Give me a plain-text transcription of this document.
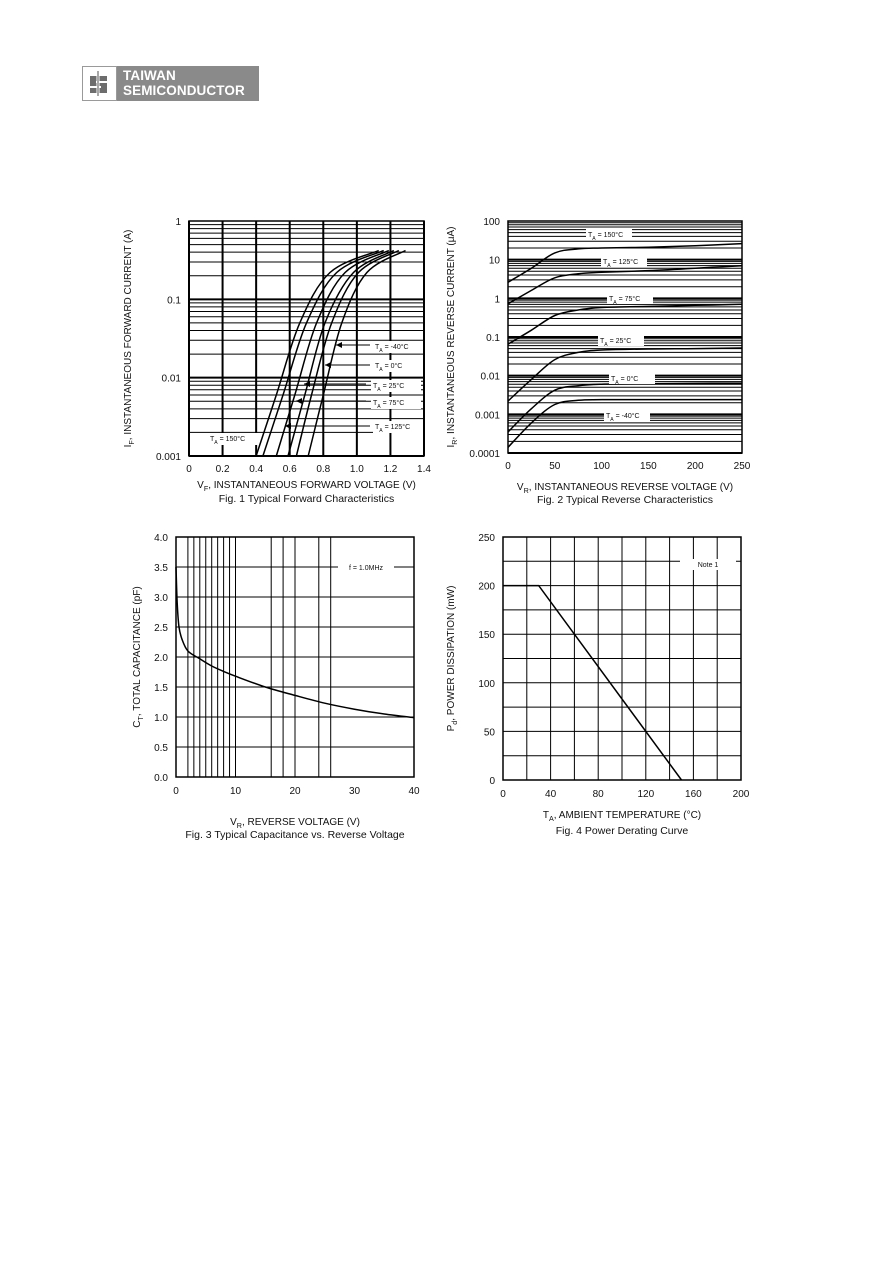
TAIWAN
SEMICONDUCTOR
0 0.2 0.4 0.6 0.8 1.0 1.2 1.4
0.001
0.01
0.1
1
$V_F$, INSTANTANEOUS FORWARD VOLTAGE (V)
$I_F$, INSTANTANEOUS FORWARD CURRENT (A)
Fig. 1 Typical Forward Characteristics
$T_A = 150^\circ C$
$T_A = 125^\circ C$
$T_A = 75^\circ C$
$T_A = 25^\circ C$
$T_A = 0^\circ C$
$T_A = -40^\circ C$
0	50	100	150	200	250
0.0001
0.001
0.01
0.1
1
10
100
$V_R$, INSTANTANEOUS REVERSE VOLTAGE (V)
$I_R$, INSTANTANEOUS REVERSE CURRENT (μA)
Fig. 2 Typical Reverse Characteristics
$T_A = 150^\circ C$
$T_A = 125^\circ C$
$T_A = 75^\circ C$
$T_A = 25^\circ C$
$T_A = 0^\circ C$
$T_A = -40^\circ C$
0	10	20	30	40
0.0
0.5
1.0
1.5
2.0
2.5
3.0
3.5
4.0
$V_R$, REVERSE VOLTAGE (V)
$C_T$, TOTAL CAPACITANCE (pF)
Fig. 3 Typical Capacitance vs. Reverse Voltage
f = 1.0MHz
0	40	80	120	160	200
0
50
100
150
200
250
$T_A$, AMBIENT TEMPERATURE (°C)
$P_d$, POWER DISSIPATION (mW)
Fig. 4 Power Derating Curve
Note 1
